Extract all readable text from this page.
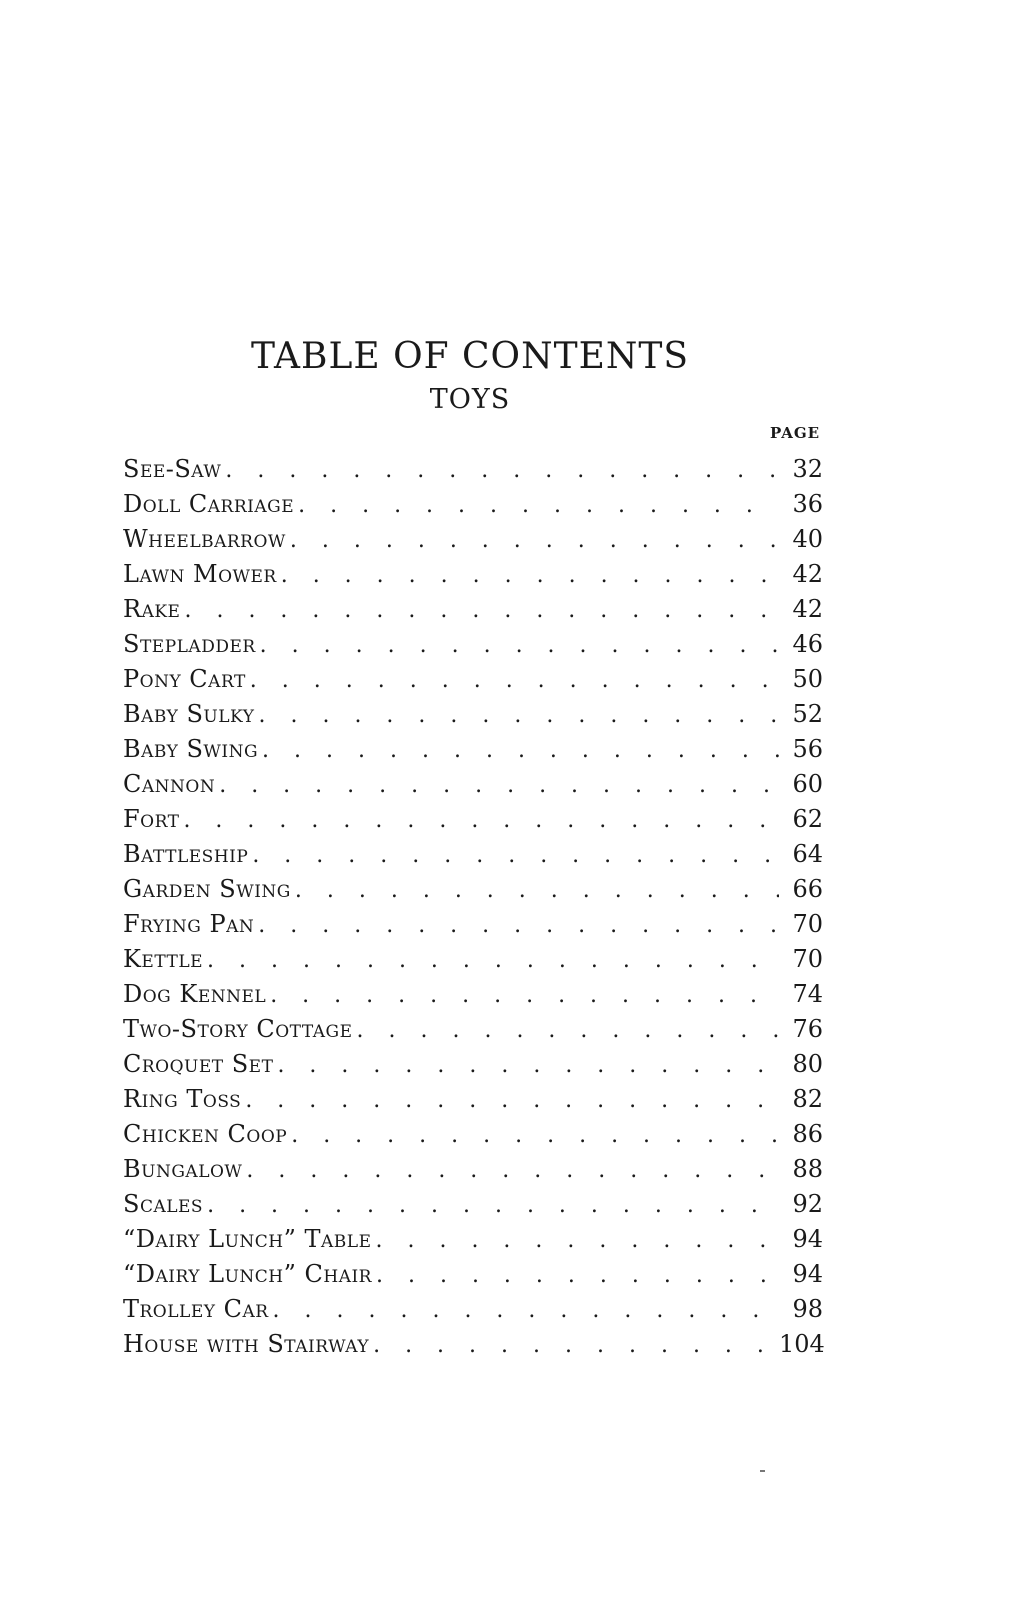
TABLE OF CONTENTS
TOYS
PAGE
See-Saw . . .	32
Doll Carriage . . .	36
Wheelbarrow . . .	40
Lawn Mower . . .	42
Rake . . .	42
Stepladder . . .	46
Pony Cart . . .	50
Baby Sulky . . .	52
Baby Swing . . .	56
Cannon . . .	60
Fort . . .	62
Battleship . . .	64
Garden Swing . . .	66
Frying Pan . . .	70
Kettle . . .	70
Dog Kennel . . .	74
Two-Story Cottage . . .	76
Croquet Set . . .	80
Ring Toss . . .	82
Chicken Coop . . .	86
Bungalow . . .	88
Scales . . .	92
“Dairy Lunch” Table . . .	94
“Dairy Lunch” Chair . . .	94
Trolley Car . . .	98
House with Stairway . . .	104
